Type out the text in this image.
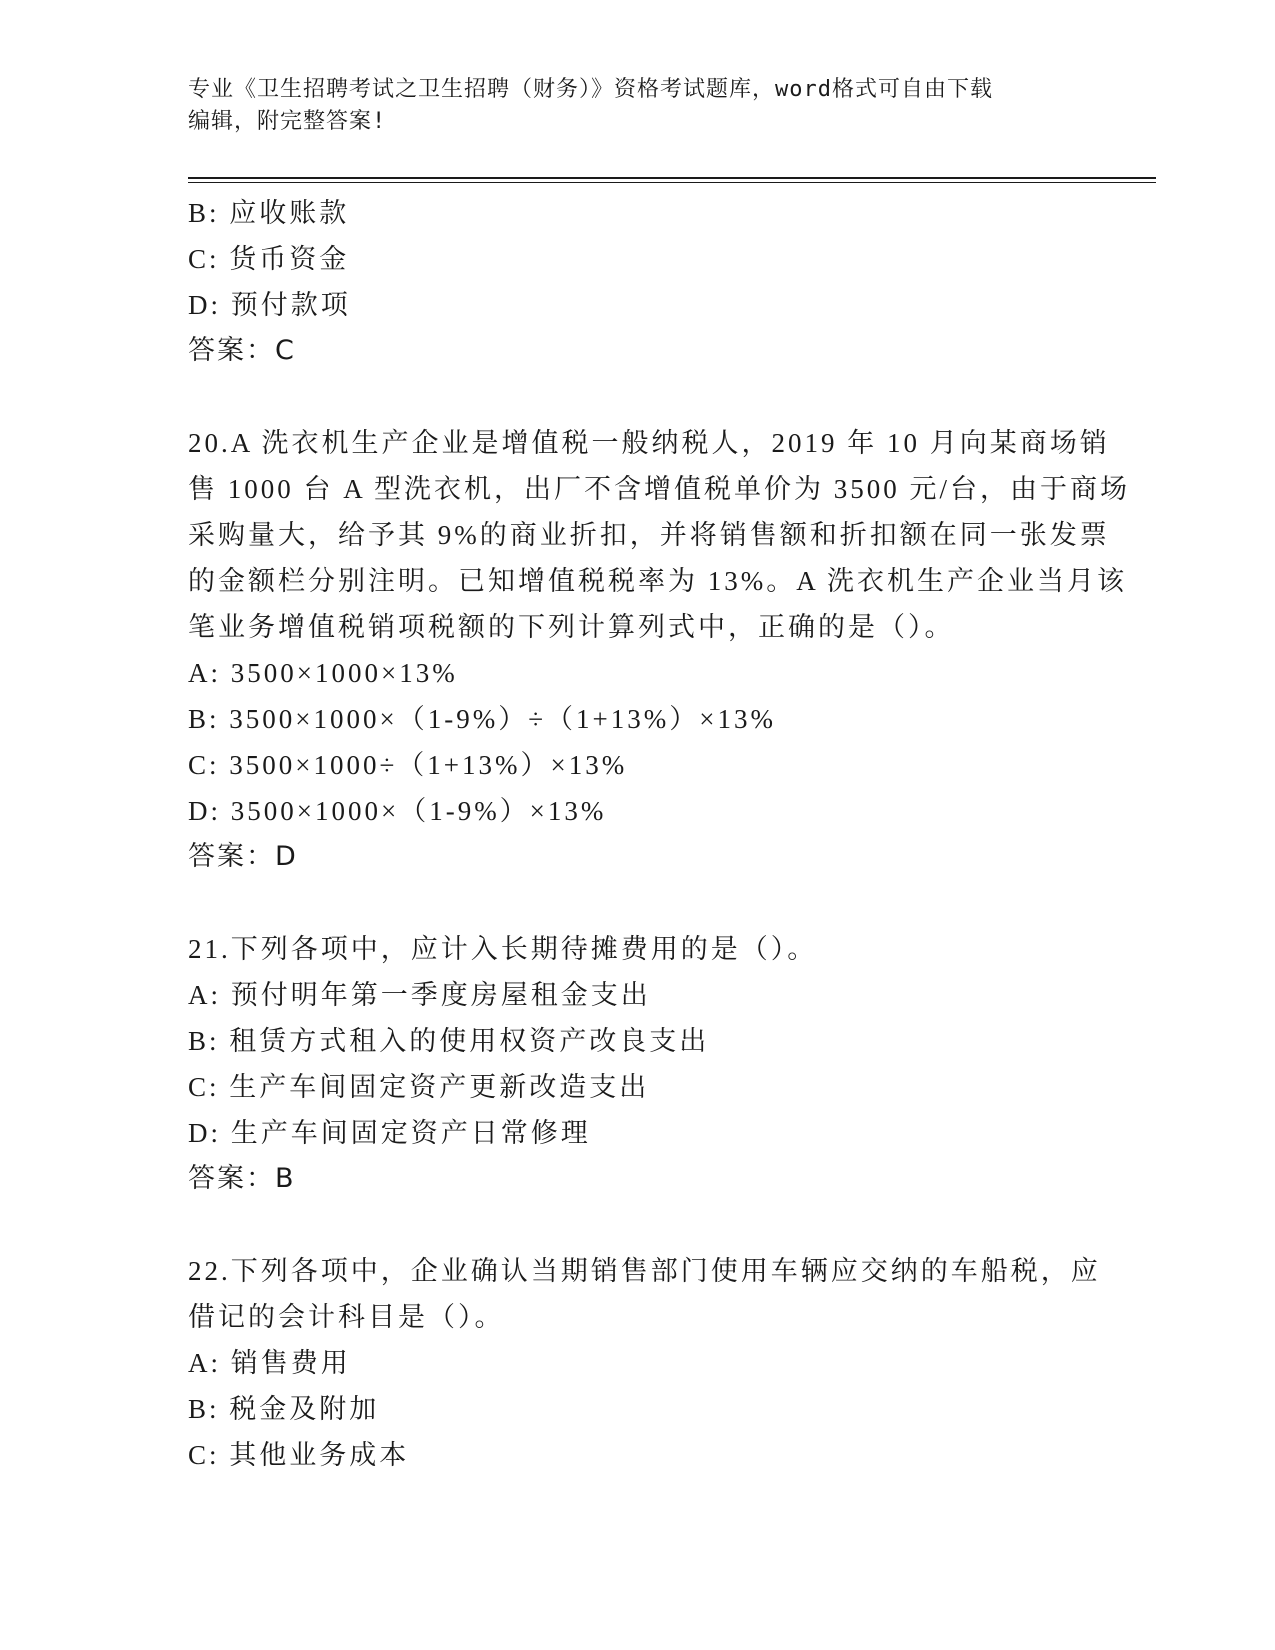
专业《卫生招聘考试之卫生招聘（财务）》资格考试题库，word格式可自由下载
编辑，附完整答案!
B: 应收账款
C: 货币资金
D: 预付款项
答案：C
20.A 洗衣机生产企业是增值税一般纳税人，2019 年 10 月向某商场销
售 1000 台 A 型洗衣机，出厂不含增值税单价为 3500 元/台，由于商场
采购量大，给予其 9%的商业折扣，并将销售额和折扣额在同一张发票
的金额栏分别注明。已知增值税税率为 13%。A 洗衣机生产企业当月该
笔业务增值税销项税额的下列计算列式中，正确的是（）。
A: 3500×1000×13%
B: 3500×1000×（1-9%）÷（1+13%）×13%
C: 3500×1000÷（1+13%）×13%
D: 3500×1000×（1-9%）×13%
答案：D
21.下列各项中，应计入长期待摊费用的是（）。
A: 预付明年第一季度房屋租金支出
B: 租赁方式租入的使用权资产改良支出
C: 生产车间固定资产更新改造支出
D: 生产车间固定资产日常修理
答案：B
22.下列各项中，企业确认当期销售部门使用车辆应交纳的车船税，应
借记的会计科目是（）。
A: 销售费用
B: 税金及附加
C: 其他业务成本
